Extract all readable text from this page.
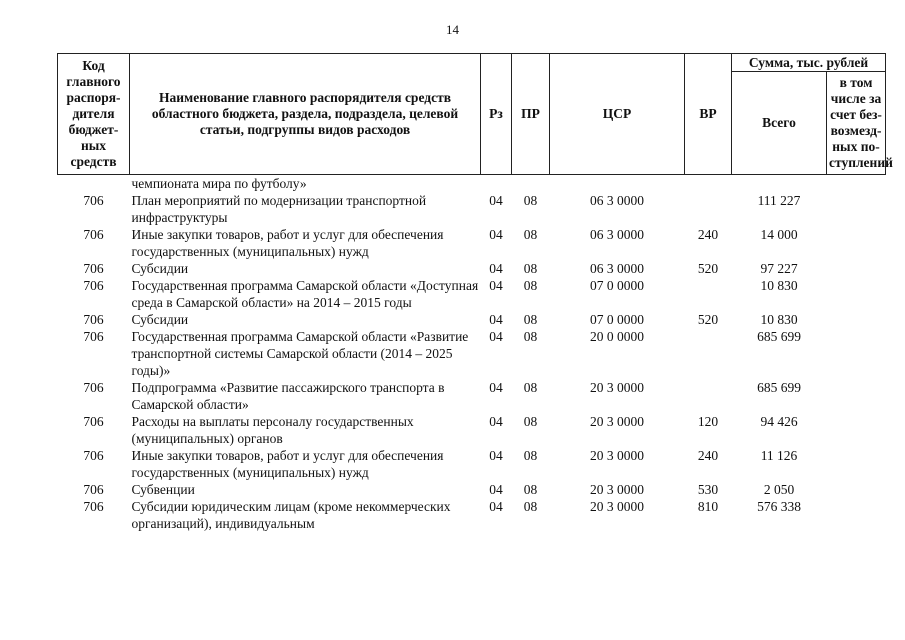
14
Код главного распоря-дителя бюджет-ных средств	Наименование главного распорядителя средств областного бюджета, раздела, подраздела, целевой статьи, подгруппы видов расходов	Рз	ПР	ЦСР	ВР	Сумма, тыс. рублей	
						Всего	в том числе за счет без-возмезд-ных по-ступлений
	чемпионата мира по футболу»						
706	План мероприятий по модернизации транспортной инфраструктуры	04	08	06 3 0000		111 227	
706	Иные закупки товаров, работ и услуг для обеспечения государственных (муниципальных) нужд	04	08	06 3 0000	240	14 000	
706	Субсидии	04	08	06 3 0000	520	97 227	
706	Государственная программа Самарской области «Доступная среда в Самарской области» на 2014 – 2015 годы	04	08	07 0 0000		10 830	
706	Субсидии	04	08	07 0 0000	520	10 830	
706	Государственная программа Самарской области «Развитие транспортной системы Самарской области (2014 – 2025 годы)»	04	08	20 0 0000		685 699	
706	Подпрограмма «Развитие пассажирского транспорта в Самарской области»	04	08	20 3 0000		685 699	
706	Расходы на выплаты персоналу государственных (муниципальных) органов	04	08	20 3 0000	120	94 426	
706	Иные закупки товаров, работ и услуг для обеспечения государственных (муниципальных) нужд	04	08	20 3 0000	240	11 126	
706	Субвенции	04	08	20 3 0000	530	2 050	
706	Субсидии юридическим лицам (кроме некоммерческих организаций), индивидуальным	04	08	20 3 0000	810	576 338	
